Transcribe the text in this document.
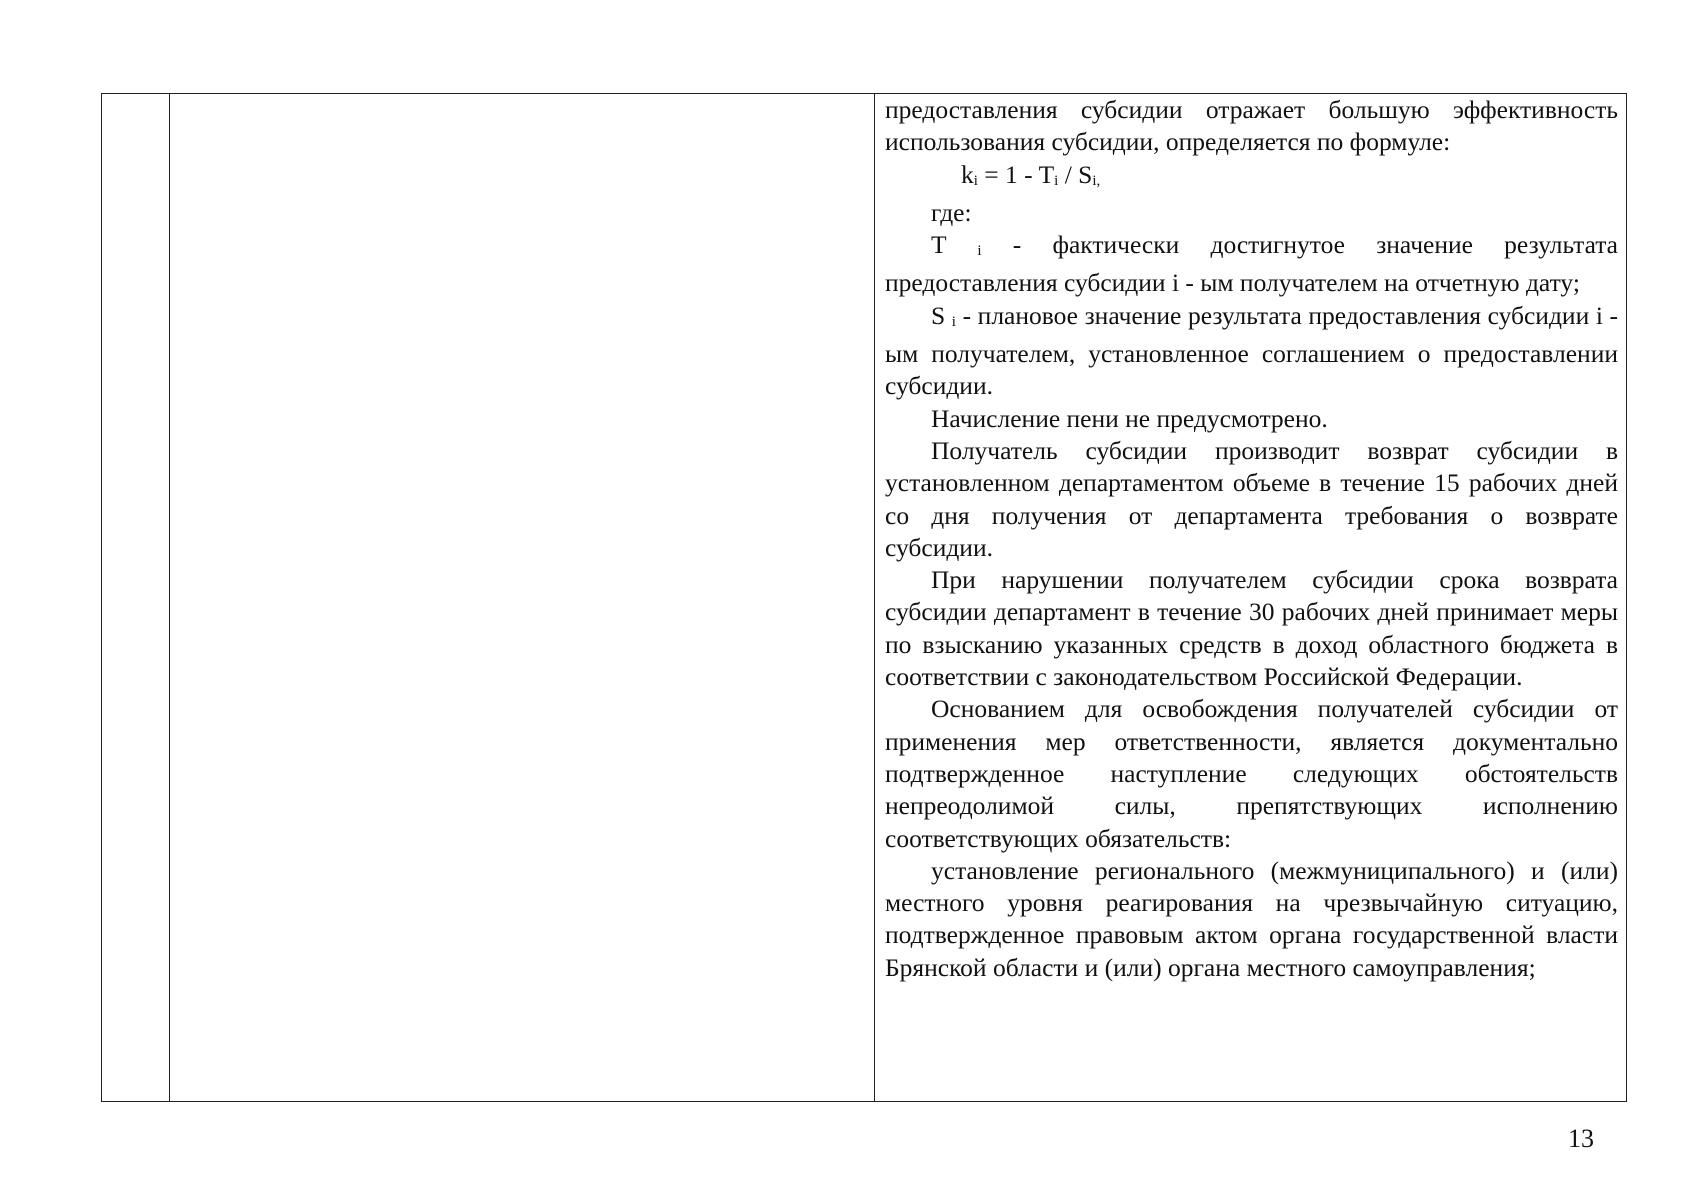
предоставления субсидии отражает большую эффективность использования субсидии, определяется по формуле:

$k_i = 1 - T_i / S_{i,}$

где:

T $_i$ - фактически достигнутое значение результата предоставления субсидии i - ым получателем на отчетную дату;

S $_i$ - плановое значение результата предоставления субсидии i - ым получателем, установленное соглашением о предоставлении субсидии.

Начисление пени не предусмотрено.

Получатель субсидии производит возврат субсидии в установленном департаментом объеме в течение 15 рабочих дней со дня получения от департамента требования о возврате субсидии.

При нарушении получателем субсидии срока возврата субсидии департамент в течение 30 рабочих дней принимает меры по взысканию указанных средств в доход областного бюджета в соответствии с законодательством Российской Федерации.

Основанием для освобождения получателей субсидии от применения мер ответственности, является документально подтвержденное наступление следующих обстоятельств непреодолимой силы, препятствующих исполнению соответствующих обязательств:

установление регионального (межмуниципального) и (или) местного уровня реагирования на чрезвычайную ситуацию, подтвержденное правовым актом органа государственной власти Брянской области и (или) органа местного самоуправления;

13
